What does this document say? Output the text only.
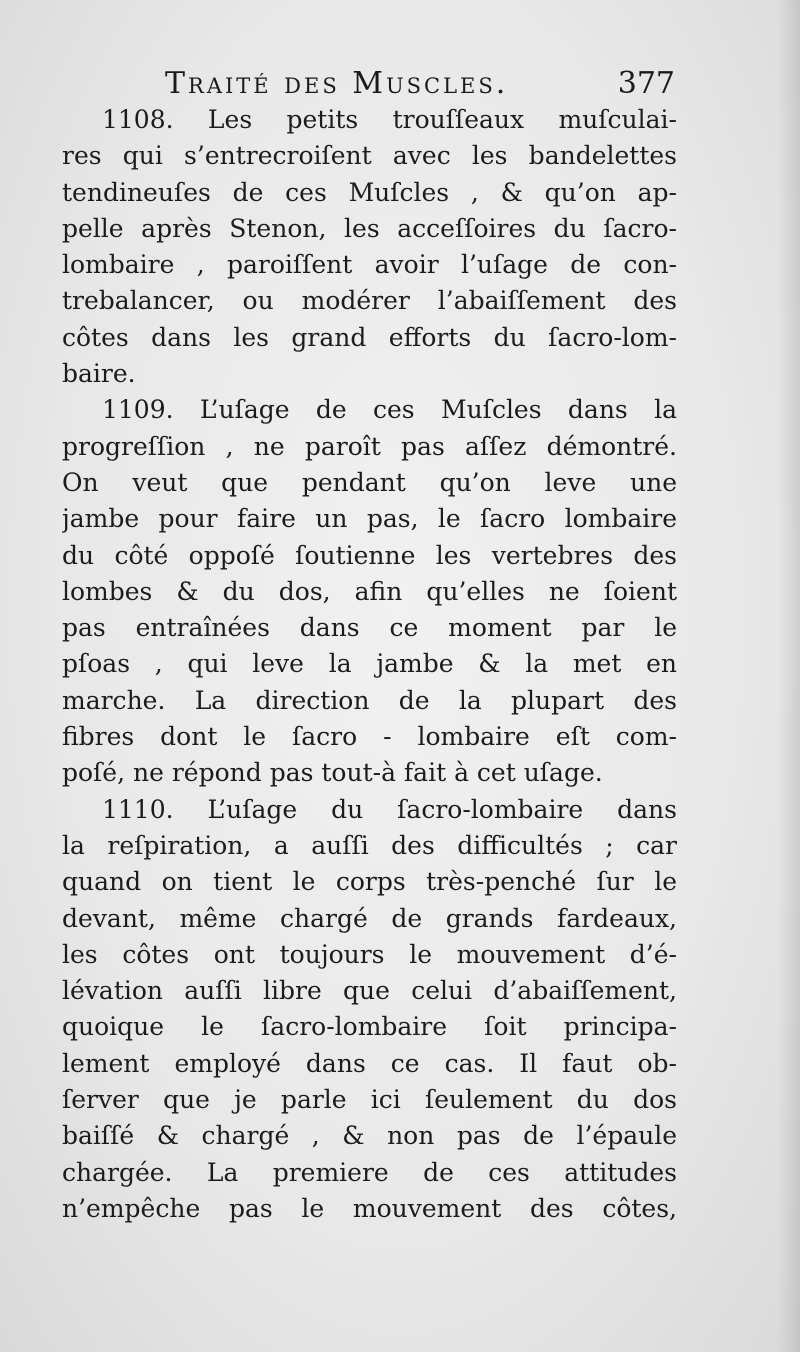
Traité des Muscles.	377
1108. Les petits trouſſeaux muſculai-
res qui s’entrecroiſent avec les bandelettes
tendineuſes de ces Muſcles , & qu’on ap-
pelle après Stenon, les acceſſoires du ſacro-
lombaire , paroiſſent avoir l’uſage de con-
trebalancer, ou modérer l’abaiſſement des
côtes dans les grand efforts du ſacro-lom-
baire.
1109. L’uſage de ces Muſcles dans la
progreſſion , ne paroît pas aſſez démontré.
On veut que pendant qu’on leve une
jambe pour faire un pas, le ſacro lombaire
du côté oppoſé ſoutienne les vertebres des
lombes & du dos, afin qu’elles ne ſoient
pas entraînées dans ce moment par le
pſoas , qui leve la jambe & la met en
marche. La direction de la plupart des
fibres dont le ſacro - lombaire eſt com-
poſé, ne répond pas tout-à fait à cet uſage.
1110. L’uſage du ſacro-lombaire dans
la reſpiration, a auſſi des difficultés ; car
quand on tient le corps très-penché ſur le
devant, même chargé de grands fardeaux,
les côtes ont toujours le mouvement d’é-
lévation auſſi libre que celui d’abaiſſement,
quoique le ſacro-lombaire ſoit principa-
lement employé dans ce cas. Il faut ob-
ſerver que je parle ici ſeulement du dos
baiſſé & chargé , & non pas de l’épaule
chargée. La premiere de ces attitudes
n’empêche pas le mouvement des côtes,
